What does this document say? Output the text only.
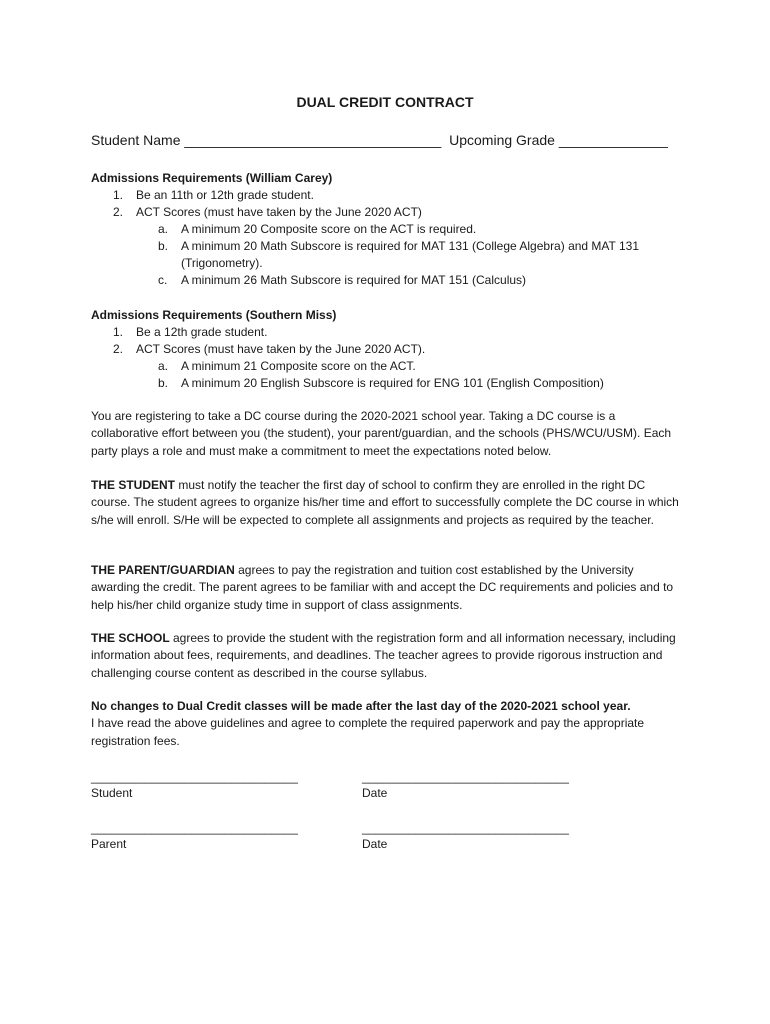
DUAL CREDIT CONTRACT
Student Name _________________________________  Upcoming Grade ______________
Admissions Requirements (William Carey)
1. Be an 11th or 12th grade student.
2. ACT Scores (must have taken by the June 2020 ACT)
a. A minimum 20 Composite score on the ACT is required.
b. A minimum 20 Math Subscore is required for MAT 131 (College Algebra) and MAT 131 (Trigonometry).
c. A minimum 26 Math Subscore is required for MAT 151 (Calculus)
Admissions Requirements (Southern Miss)
1. Be a 12th grade student.
2. ACT Scores (must have taken by the June 2020 ACT).
a. A minimum 21 Composite score on the ACT.
b. A minimum 20 English Subscore is required for ENG 101 (English Composition)

You are registering to take a DC course during the 2020-2021 school year. Taking a DC course is a collaborative effort between you (the student), your parent/guardian, and the schools (PHS/WCU/USM). Each party plays a role and must make a commitment to meet the expectations noted below.

THE STUDENT must notify the teacher the first day of school to confirm they are enrolled in the right DC course. The student agrees to organize his/her time and effort to successfully complete the DC course in which s/he will enroll. S/He will be expected to complete all assignments and projects as required by the teacher.

THE PARENT/GUARDIAN agrees to pay the registration and tuition cost established by the University awarding the credit. The parent agrees to be familiar with and accept the DC requirements and policies and to help his/her child organize study time in support of class assignments.

THE SCHOOL agrees to provide the student with the registration form and all information necessary, including information about fees, requirements, and deadlines. The teacher agrees to provide rigorous instruction and challenging course content as described in the course syllabus.

No changes to Dual Credit classes will be made after the last day of the 2020-2021 school year.

I have read the above guidelines and agree to complete the required paperwork and pay the appropriate registration fees.

_______________________________
Student
_______________________________
Date
_______________________________
Parent
_______________________________
Date
